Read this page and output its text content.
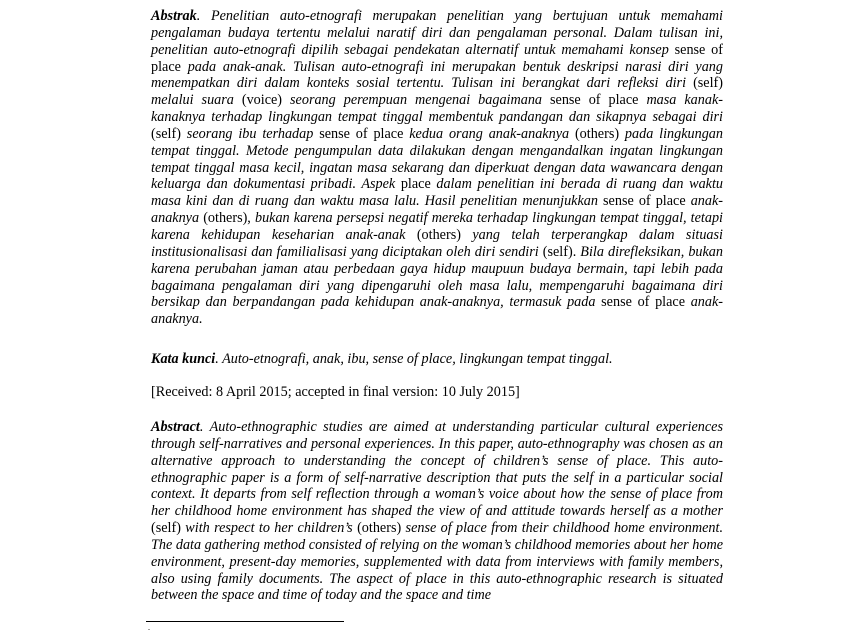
Abstrak. Penelitian auto-etnografi merupakan penelitian yang bertujuan untuk memahami pengalaman budaya tertentu melalui naratif diri dan pengalaman personal. Dalam tulisan ini, penelitian auto-etnografi dipilih sebagai pendekatan alternatif untuk memahami konsep sense of place pada anak-anak. Tulisan auto-etnografi ini merupakan bentuk deskripsi narasi diri yang menempatkan diri dalam konteks sosial tertentu. Tulisan ini berangkat dari refleksi diri (self) melalui suara (voice) seorang perempuan mengenai bagaimana sense of place masa kanak-kanaknya terhadap lingkungan tempat tinggal membentuk pandangan dan sikapnya sebagai diri (self) seorang ibu terhadap sense of place kedua orang anak-anaknya (others) pada lingkungan tempat tinggal. Metode pengumpulan data dilakukan dengan mengandalkan ingatan lingkungan tempat tinggal masa kecil, ingatan masa sekarang dan diperkuat dengan data wawancara dengan keluarga dan dokumentasi pribadi. Aspek place dalam penelitian ini berada di ruang dan waktu masa kini dan di ruang dan waktu masa lalu. Hasil penelitian menunjukkan sense of place anak-anaknya (others), bukan karena persepsi negatif mereka terhadap lingkungan tempat tinggal, tetapi karena kehidupan keseharian anak-anak (others) yang telah terperangkap dalam situasi institusionalisasi dan familialisasi yang diciptakan oleh diri sendiri (self). Bila direfleksikan, bukan karena perubahan jaman atau perbedaan gaya hidup maupuun budaya bermain, tapi lebih pada bagaimana pengalaman diri yang dipengaruhi oleh masa lalu, mempengaruhi bagaimana diri bersikap dan berpandangan pada kehidupan anak-anaknya, termasuk pada sense of place anak-anaknya.

Kata kunci. Auto-etnografi, anak, ibu, sense of place, lingkungan tempat tinggal.

[Received: 8 April 2015; accepted in final version: 10 July 2015]

Abstract. Auto-ethnographic studies are aimed at understanding particular cultural experiences through self-narratives and personal experiences. In this paper, auto-ethnography was chosen as an alternative approach to understanding the concept of children’s sense of place. This auto-ethnographic paper is a form of self-narrative description that puts the self in a particular social context. It departs from self reflection through a woman’s voice about how the sense of place from her childhood home environment has shaped the view of and attitude towards herself as a mother (self) with respect to her children’s (others) sense of place from their childhood home environment. The data gathering method consisted of relying on the woman’s childhood memories about her home environment, present-day memories, supplemented with data from interviews with family members, also using family documents. The aspect of place in this auto-ethnographic research is situated between the space and time of today and the space and time

.
